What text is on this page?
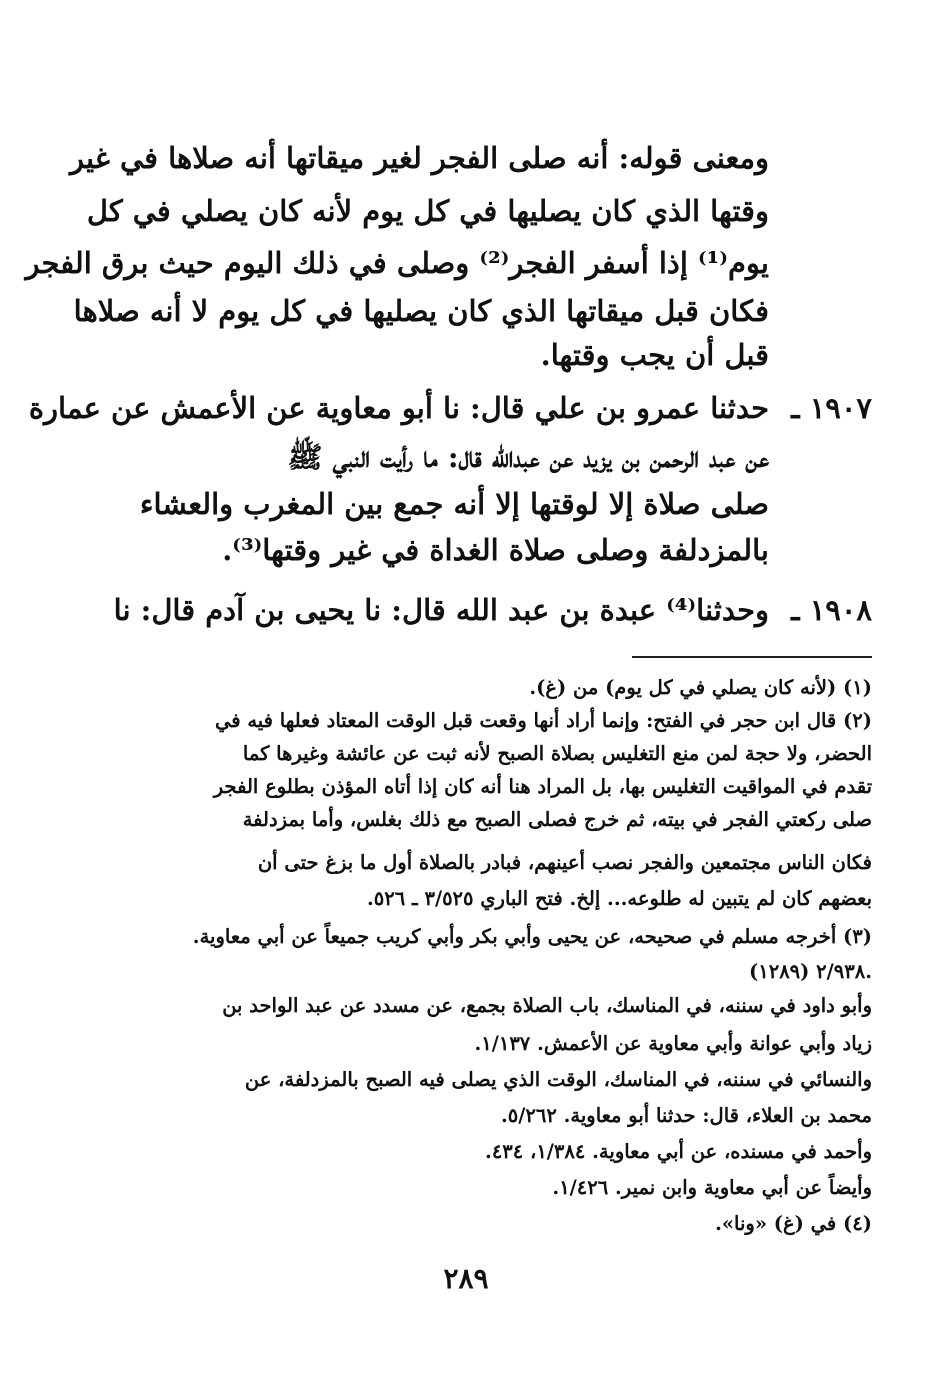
ومعنى قوله: أنه صلى الفجر لغير ميقاتها أنه صلاها في غير
وقتها الذي كان يصليها في كل يوم لأنه كان يصلي في كل
يوم⁽¹⁾ إذا أسفر الفجر⁽²⁾ وصلى في ذلك اليوم حيث برق الفجر
فكان قبل ميقاتها الذي كان يصليها في كل يوم لا أنه صلاها
قبل أن يجب وقتها.
١٩٠٧ ـ
حدثنا عمرو بن علي قال: نا أبو معاوية عن الأعمش عن عمارة
عن عبد الرحمن بن يزيد عن عبدالله قال: ما رأيت النبي ﷺ
صلى صلاة إلا لوقتها إلا أنه جمع بين المغرب والعشاء
بالمزدلفة وصلى صلاة الغداة في غير وقتها⁽³⁾.
١٩٠٨ ـ
وحدثنا⁽⁴⁾ عبدة بن عبد الله قال: نا يحيى بن آدم قال: نا
(١) (لأنه كان يصلي في كل يوم) من (غ).
(٢) قال ابن حجر في الفتح: وإنما أراد أنها وقعت قبل الوقت المعتاد فعلها فيه في
الحضر، ولا حجة لمن منع التغليس بصلاة الصبح لأنه ثبت عن عائشة وغيرها كما
تقدم في المواقيت التغليس بها، بل المراد هنا أنه كان إذا أتاه المؤذن بطلوع الفجر
صلى ركعتي الفجر في بيته، ثم خرج فصلى الصبح مع ذلك بغلس، وأما بمزدلفة
فكان الناس مجتمعين والفجر نصب أعينهم، فبادر بالصلاة أول ما بزغ حتى أن
بعضهم كان لم يتبين له طلوعه... إلخ. فتح الباري ٣/٥٢٥ ـ ٥٢٦.
(٣) أخرجه مسلم في صحيحه، عن يحيى وأبي بكر وأبي كريب جميعاً عن أبي معاوية.
٢/٩٣٨ (١٢٨٩).
وأبو داود في سننه، في المناسك، باب الصلاة بجمع، عن مسدد عن عبد الواحد بن
زياد وأبي عوانة وأبي معاوية عن الأعمش. ١/١٣٧.
والنسائي في سننه، في المناسك، الوقت الذي يصلى فيه الصبح بالمزدلفة، عن
محمد بن العلاء، قال: حدثنا أبو معاوية. ٥/٢٦٢.
وأحمد في مسنده، عن أبي معاوية. ١/٣٨٤، ٤٣٤.
وأيضاً عن أبي معاوية وابن نمير. ١/٤٢٦.
(٤) في (غ) «ونا».
٢٨٩
